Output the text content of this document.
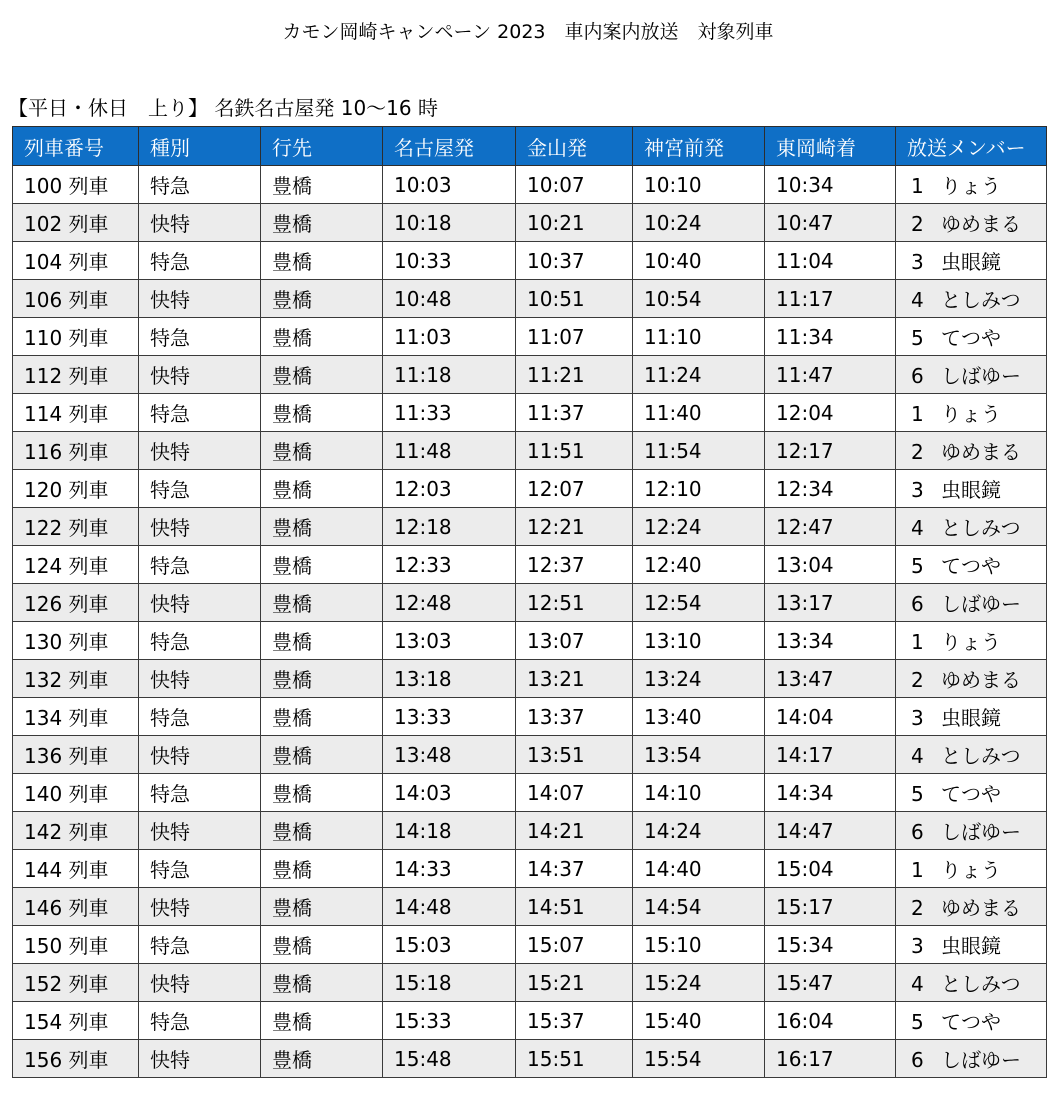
カモン岡崎キャンペーン 2023　車内案内放送　対象列車
【平日・休日　上り】 名鉄名古屋発 10～16 時
列車番号	種別	行先	名古屋発	金山発	神宮前発	東岡崎着	放送メンバー
100 列車	特急	豊橋	10:03	10:07	10:10	10:34	1 りょう
102 列車	快特	豊橋	10:18	10:21	10:24	10:47	2 ゆめまる
104 列車	特急	豊橋	10:33	10:37	10:40	11:04	3 虫眼鏡
106 列車	快特	豊橋	10:48	10:51	10:54	11:17	4 としみつ
110 列車	特急	豊橋	11:03	11:07	11:10	11:34	5 てつや
112 列車	快特	豊橋	11:18	11:21	11:24	11:47	6 しばゆー
114 列車	特急	豊橋	11:33	11:37	11:40	12:04	1 りょう
116 列車	快特	豊橋	11:48	11:51	11:54	12:17	2 ゆめまる
120 列車	特急	豊橋	12:03	12:07	12:10	12:34	3 虫眼鏡
122 列車	快特	豊橋	12:18	12:21	12:24	12:47	4 としみつ
124 列車	特急	豊橋	12:33	12:37	12:40	13:04	5 てつや
126 列車	快特	豊橋	12:48	12:51	12:54	13:17	6 しばゆー
130 列車	特急	豊橋	13:03	13:07	13:10	13:34	1 りょう
132 列車	快特	豊橋	13:18	13:21	13:24	13:47	2 ゆめまる
134 列車	特急	豊橋	13:33	13:37	13:40	14:04	3 虫眼鏡
136 列車	快特	豊橋	13:48	13:51	13:54	14:17	4 としみつ
140 列車	特急	豊橋	14:03	14:07	14:10	14:34	5 てつや
142 列車	快特	豊橋	14:18	14:21	14:24	14:47	6 しばゆー
144 列車	特急	豊橋	14:33	14:37	14:40	15:04	1 りょう
146 列車	快特	豊橋	14:48	14:51	14:54	15:17	2 ゆめまる
150 列車	特急	豊橋	15:03	15:07	15:10	15:34	3 虫眼鏡
152 列車	快特	豊橋	15:18	15:21	15:24	15:47	4 としみつ
154 列車	特急	豊橋	15:33	15:37	15:40	16:04	5 てつや
156 列車	快特	豊橋	15:48	15:51	15:54	16:17	6 しばゆー
